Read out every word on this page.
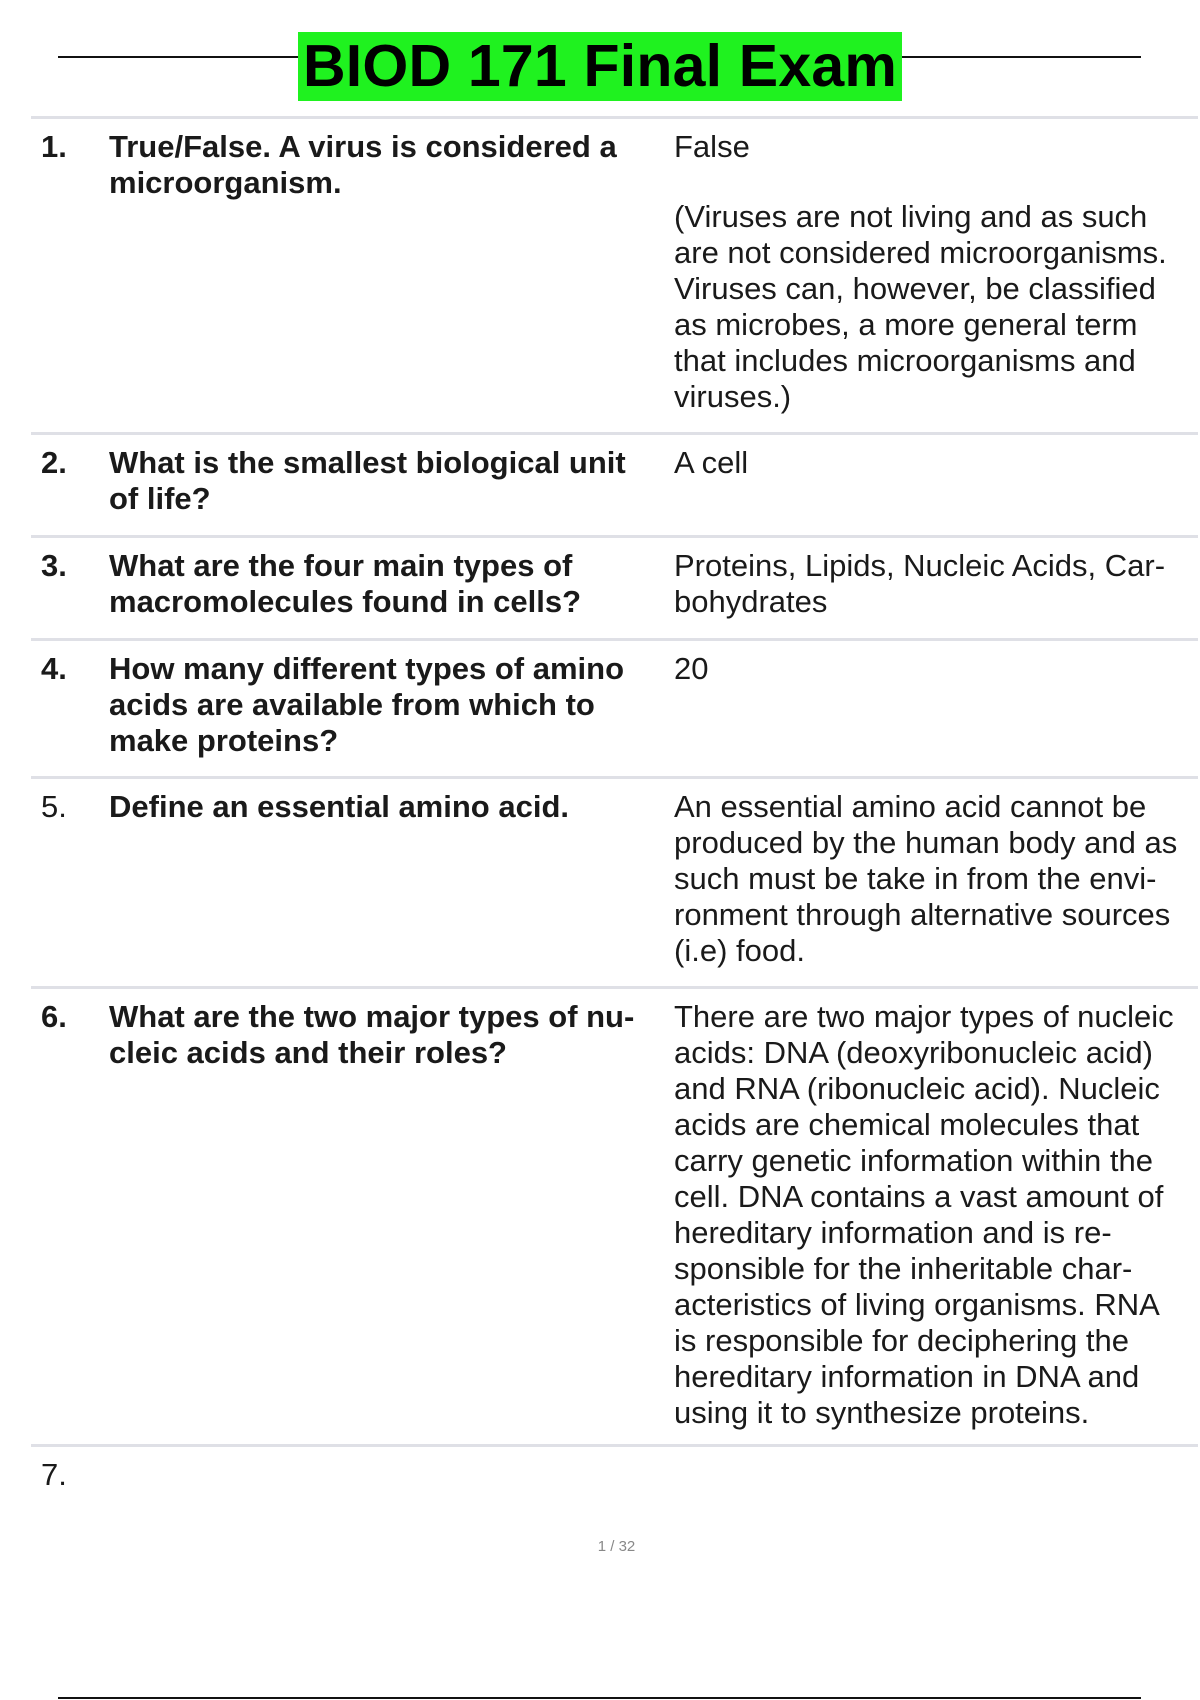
BIOD 171 Final Exam
1.	True/False. A virus is considered a microorganism.

False

(Viruses are not living and as such are not considered microorganisms. Viruses can, however, be classified as microbes, a more general term that includes microorganisms and viruses.)

2.	What is the smallest biological unit of life?
A cell
3.	What are the four main types of macromolecules found in cells?
Proteins, Lipids, Nucleic Acids, Car- bohydrates
4.	How many different types of amino acids are available from which to make proteins?
20
5.	Define an essential amino acid.	An essential amino acid cannot be produced by the human body and as such must be take in from the envi- ronment through alternative sources (i.e) food.
6.	What are the two major types of nu- cleic acids and their roles?
There are two major types of nucleic acids: DNA (deoxyribonucleic acid) and RNA (ribonucleic acid). Nucleic acids are chemical molecules that carry genetic information within the cell. DNA contains a vast amount of hereditary information and is re- sponsible for the inheritable char- acteristics of living organisms. RNA is responsible for deciphering the hereditary information in DNA and using it to synthesize proteins.
7.
1 / 32
